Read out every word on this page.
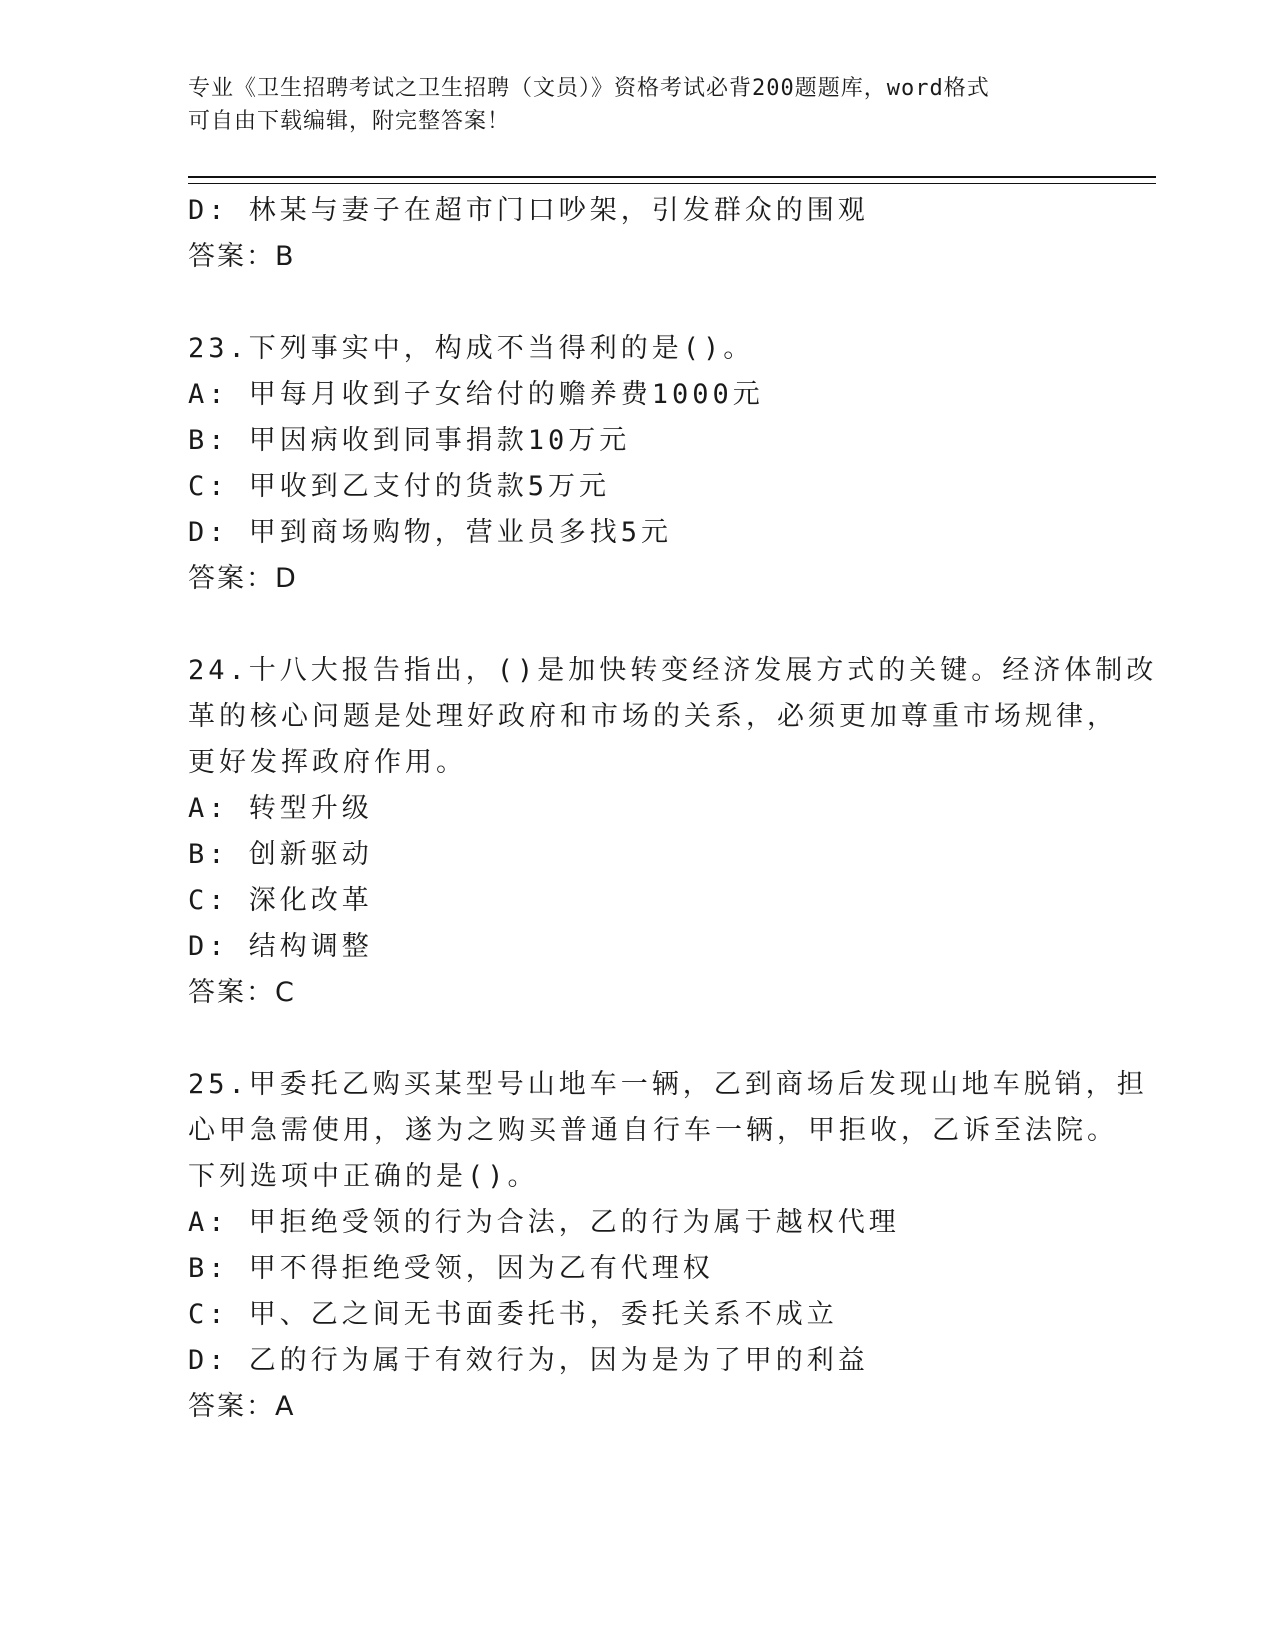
专业《卫生招聘考试之卫生招聘（文员）》资格考试必背200题题库，word格式
可自由下载编辑，附完整答案！
D: 林某与妻子在超市门口吵架，引发群众的围观
答案：B
23.下列事实中，构成不当得利的是()。
A: 甲每月收到子女给付的赡养费1000元
B: 甲因病收到同事捐款10万元
C: 甲收到乙支付的货款5万元
D: 甲到商场购物，营业员多找5元
答案：D
24.十八大报告指出，()是加快转变经济发展方式的关键。经济体制改
革的核心问题是处理好政府和市场的关系，必须更加尊重市场规律，
更好发挥政府作用。
A: 转型升级
B: 创新驱动
C: 深化改革
D: 结构调整
答案：C
25.甲委托乙购买某型号山地车一辆，乙到商场后发现山地车脱销，担
心甲急需使用，遂为之购买普通自行车一辆，甲拒收，乙诉至法院。
下列选项中正确的是()。
A: 甲拒绝受领的行为合法，乙的行为属于越权代理
B: 甲不得拒绝受领，因为乙有代理权
C: 甲、乙之间无书面委托书，委托关系不成立
D: 乙的行为属于有效行为，因为是为了甲的利益
答案：A
